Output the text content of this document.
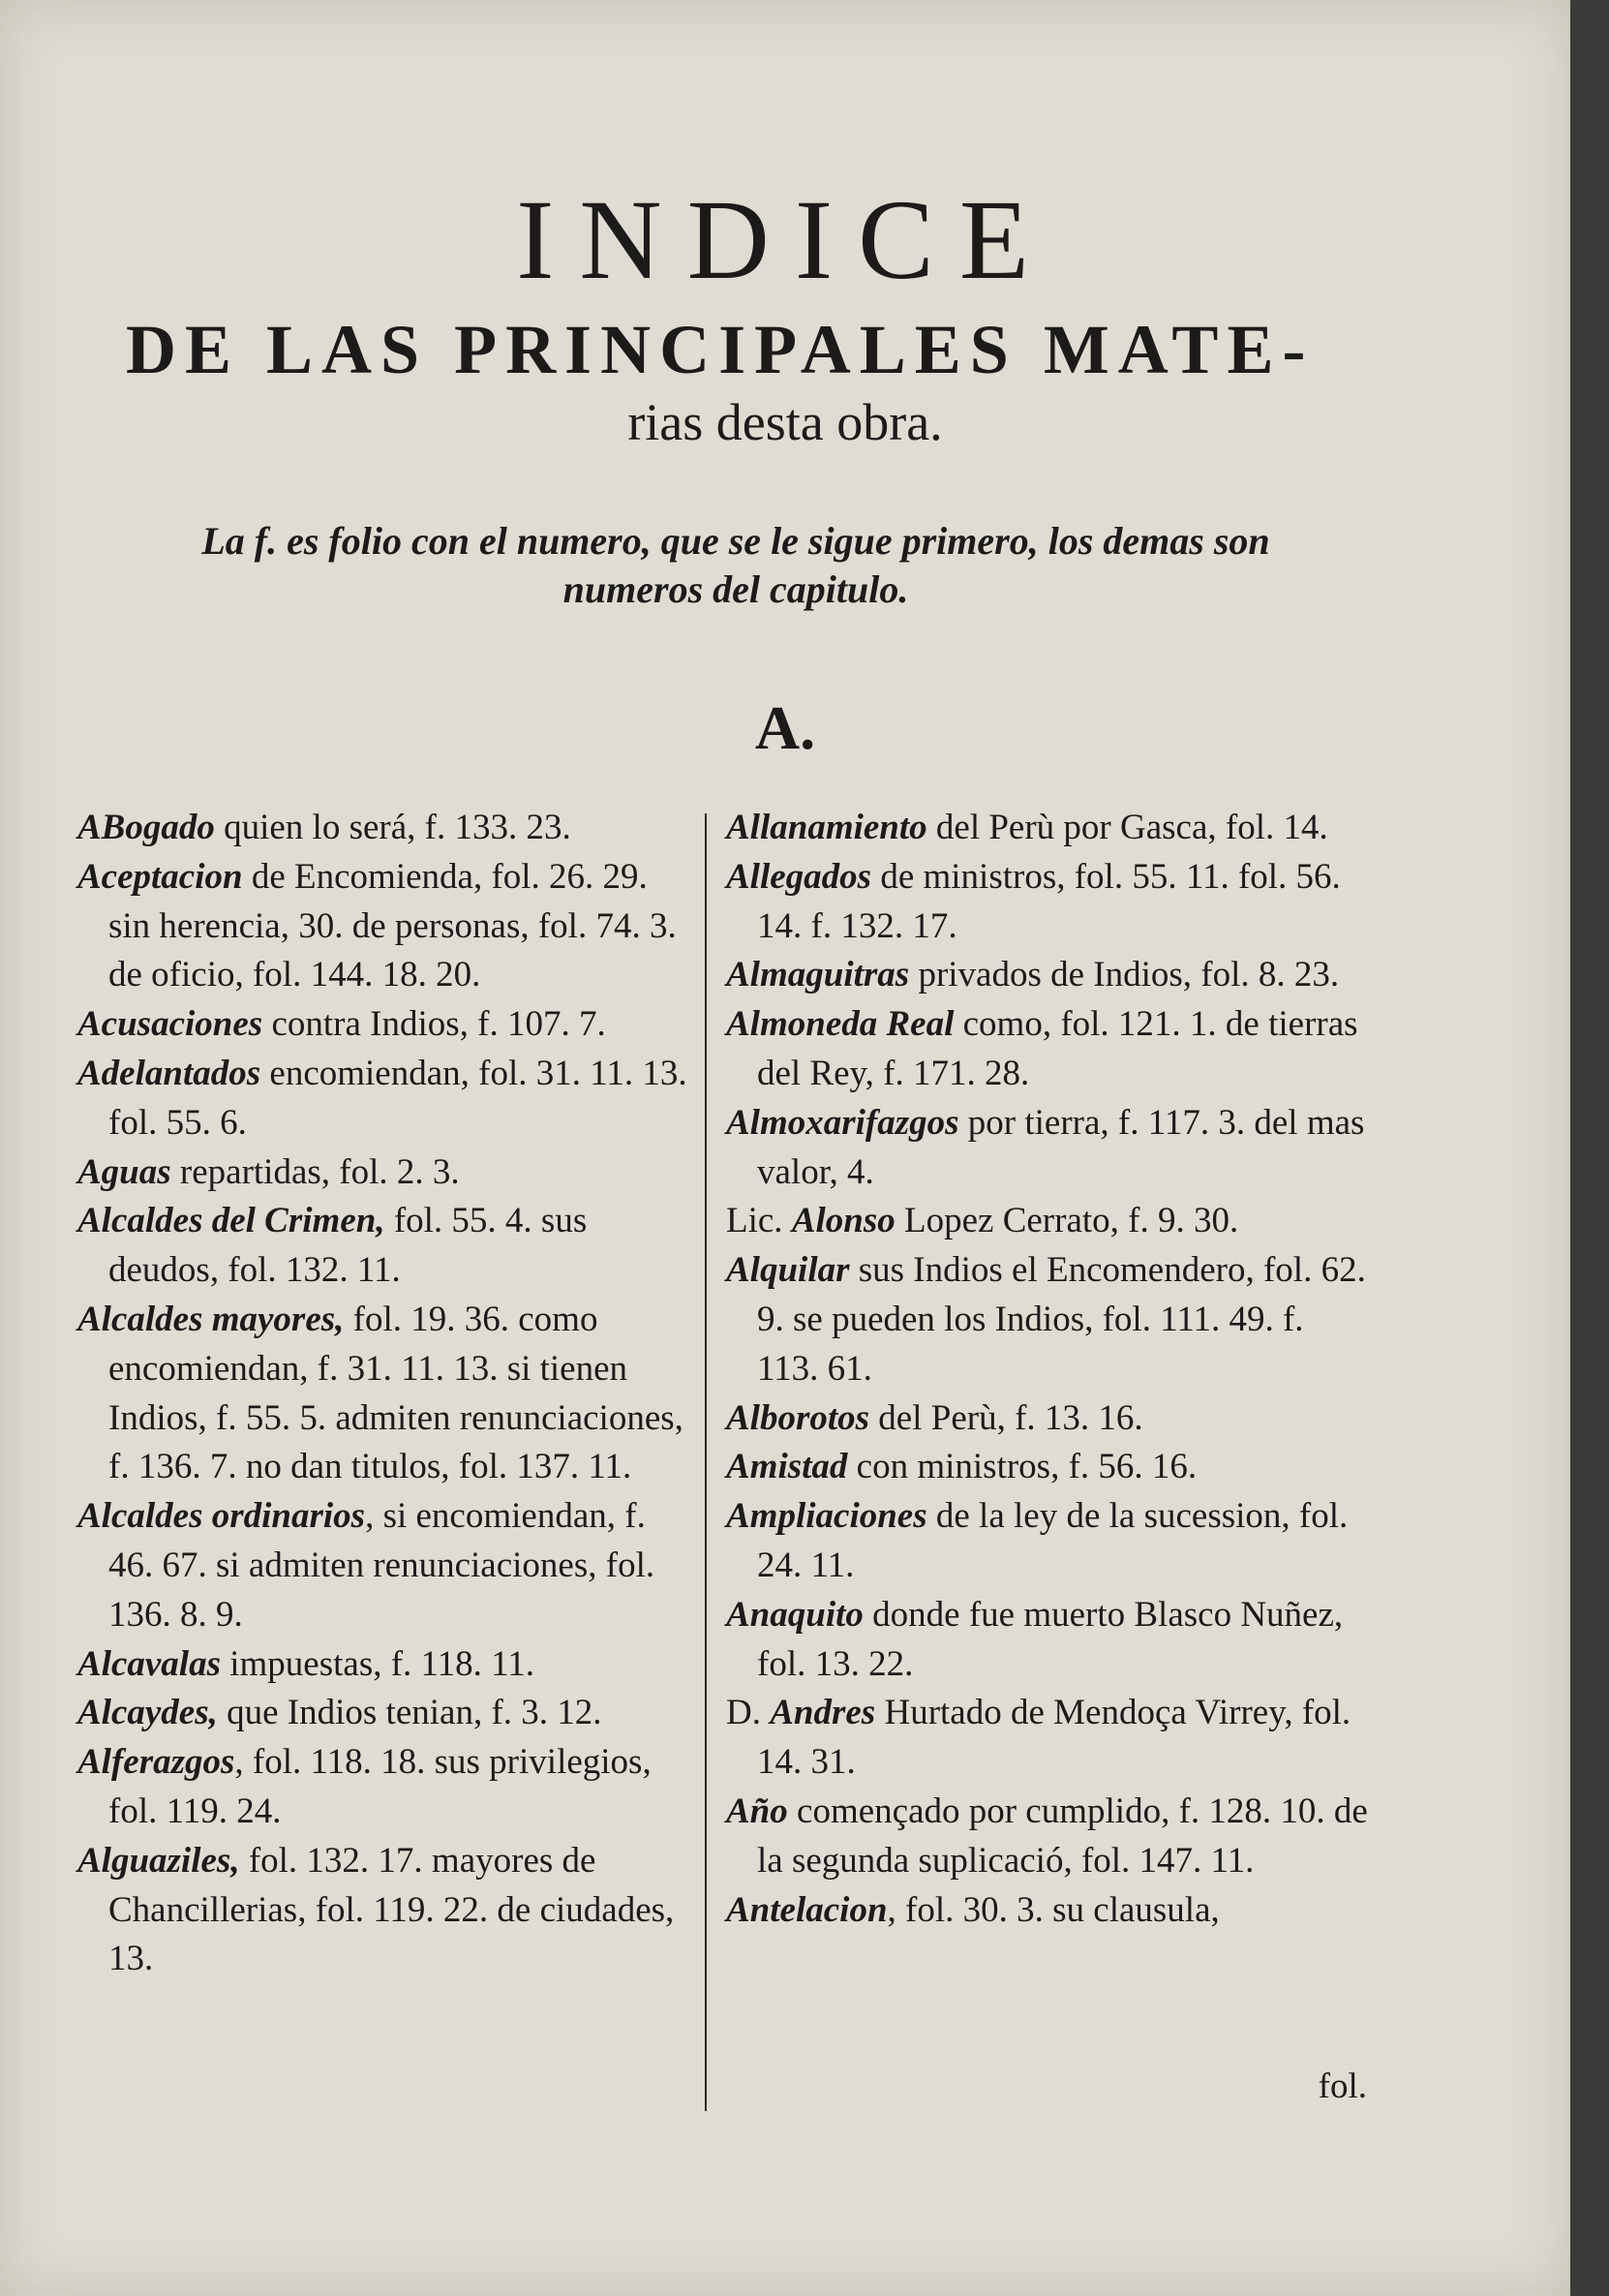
INDICE
DE LAS PRINCIPALES MATE-
rias desta obra.
La f. es folio con el numero, que se le sigue primero, los demas son
numeros del capitulo.
A.

ABogado quien lo será, f. 133. 23.

Aceptacion de Encomienda, fol. 26. 29. sin herencia, 30. de personas, fol. 74. 3. de oficio, fol. 144. 18. 20.

Acusaciones contra Indios, f. 107. 7.

Adelantados encomiendan, fol. 31. 11. 13. fol. 55. 6.

Aguas repartidas, fol. 2. 3.

Alcaldes del Crimen, fol. 55. 4. sus deudos, fol. 132. 11.

Alcaldes mayores, fol. 19. 36. como encomiendan, f. 31. 11. 13. si tienen Indios, f. 55. 5. admiten renunciaciones, f. 136. 7. no dan titulos, fol. 137. 11.

Alcaldes ordinarios, si encomiendan, f. 46. 67. si admiten renunciaciones, fol. 136. 8. 9.

Alcavalas impuestas, f. 118. 11.

Alcaydes, que Indios tenian, f. 3. 12.

Alferazgos, fol. 118. 18. sus privilegios, fol. 119. 24.

Alguaziles, fol. 132. 17. mayores de Chancillerias, fol. 119. 22. de ciudades, 13.

Allanamiento del Perù por Gasca, fol. 14.

Allegados de ministros, fol. 55. 11. fol. 56. 14. f. 132. 17.

Almaguitras privados de Indios, fol. 8. 23.

Almoneda Real como, fol. 121. 1. de tierras del Rey, f. 171. 28.

Almoxarifazgos por tierra, f. 117. 3. del mas valor, 4.

Lic. Alonso Lopez Cerrato, f. 9. 30.

Alquilar sus Indios el Encomendero, fol. 62. 9. se pueden los Indios, fol. 111. 49. f. 113. 61.

Alborotos del Perù, f. 13. 16.

Amistad con ministros, f. 56. 16.

Ampliaciones de la ley de la sucession, fol. 24. 11.

Anaquito donde fue muerto Blasco Nuñez, fol. 13. 22.

D. Andres Hurtado de Mendoça Virrey, fol. 14. 31.

Año començado por cumplido, f. 128. 10. de la segunda suplicació, fol. 147. 11.

Antelacion, fol. 30. 3. su clausula,

fol.
